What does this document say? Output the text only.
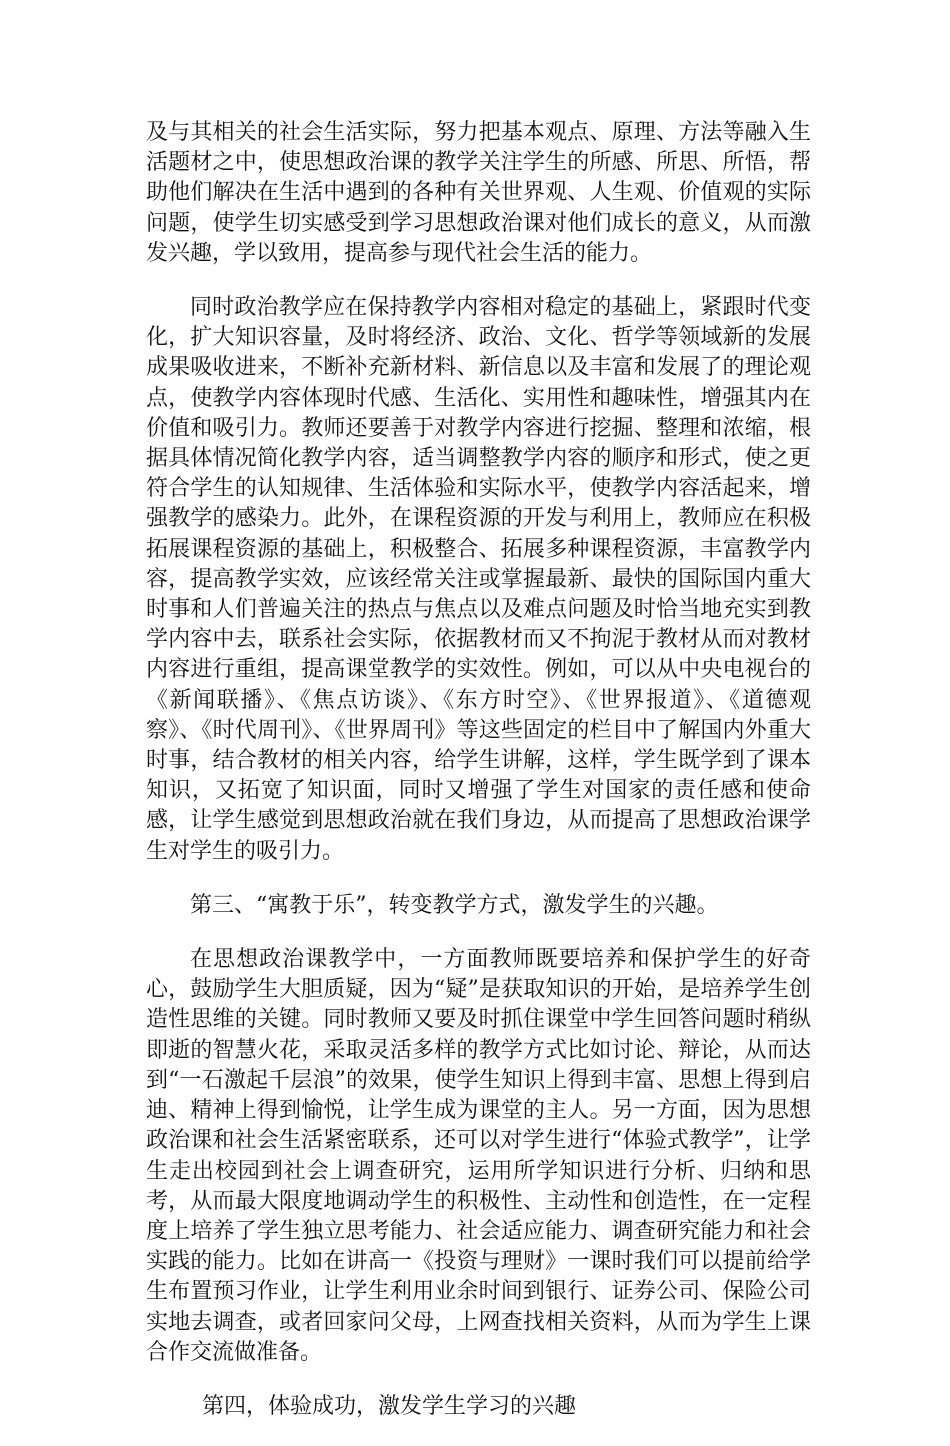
及与其相关的社会生活实际，努力把基本观点、原理、方法等融入生活题材之中，使思想政治课的教学关注学生的所感、所思、所悟，帮助他们解决在生活中遇到的各种有关世界观、人生观、价值观的实际问题，使学生切实感受到学习思想政治课对他们成长的意义，从而激发兴趣，学以致用，提高参与现代社会生活的能力。

同时政治教学应在保持教学内容相对稳定的基础上，紧跟时代变化，扩大知识容量，及时将经济、政治、文化、哲学等领域新的发展成果吸收进来，不断补充新材料、新信息以及丰富和发展了的理论观点，使教学内容体现时代感、生活化、实用性和趣味性，增强其内在价值和吸引力。教师还要善于对教学内容进行挖掘、整理和浓缩，根据具体情况简化教学内容，适当调整教学内容的顺序和形式，使之更符合学生的认知规律、生活体验和实际水平，使教学内容活起来，增强教学的感染力。此外，在课程资源的开发与利用上，教师应在积极拓展课程资源的基础上，积极整合、拓展多种课程资源，丰富教学内容，提高教学实效，应该经常关注或掌握最新、最快的国际国内重大时事和人们普遍关注的热点与焦点以及难点问题及时恰当地充实到教学内容中去，联系社会实际，依据教材而又不拘泥于教材从而对教材内容进行重组，提高课堂教学的实效性。例如，可以从中央电视台的《新闻联播》、《焦点访谈》、《东方时空》、《世界报道》、《道德观察》、《时代周刊》、《世界周刊》等这些固定的栏目中了解国内外重大时事，结合教材的相关内容，给学生讲解，这样，学生既学到了课本知识，又拓宽了知识面，同时又增强了学生对国家的责任感和使命感，让学生感觉到思想政治就在我们身边，从而提高了思想政治课学生对学生的吸引力。

第三、“寓教于乐”，转变教学方式，激发学生的兴趣。

在思想政治课教学中，一方面教师既要培养和保护学生的好奇心，鼓励学生大胆质疑，因为“疑”是获取知识的开始，是培养学生创造性思维的关键。同时教师又要及时抓住课堂中学生回答问题时稍纵即逝的智慧火花，采取灵活多样的教学方式比如讨论、辩论，从而达到“一石激起千层浪”的效果，使学生知识上得到丰富、思想上得到启迪、精神上得到愉悦，让学生成为课堂的主人。另一方面，因为思想政治课和社会生活紧密联系，还可以对学生进行“体验式教学”，让学生走出校园到社会上调查研究，运用所学知识进行分析、归纳和思考，从而最大限度地调动学生的积极性、主动性和创造性，在一定程度上培养了学生独立思考能力、社会适应能力、调查研究能力和社会实践的能力。比如在讲高一《投资与理财》一课时我们可以提前给学生布置预习作业，让学生利用业余时间到银行、证券公司、保险公司实地去调查，或者回家问父母，上网查找相关资料，从而为学生上课合作交流做准备。

第四，体验成功，激发学生学习的兴趣
